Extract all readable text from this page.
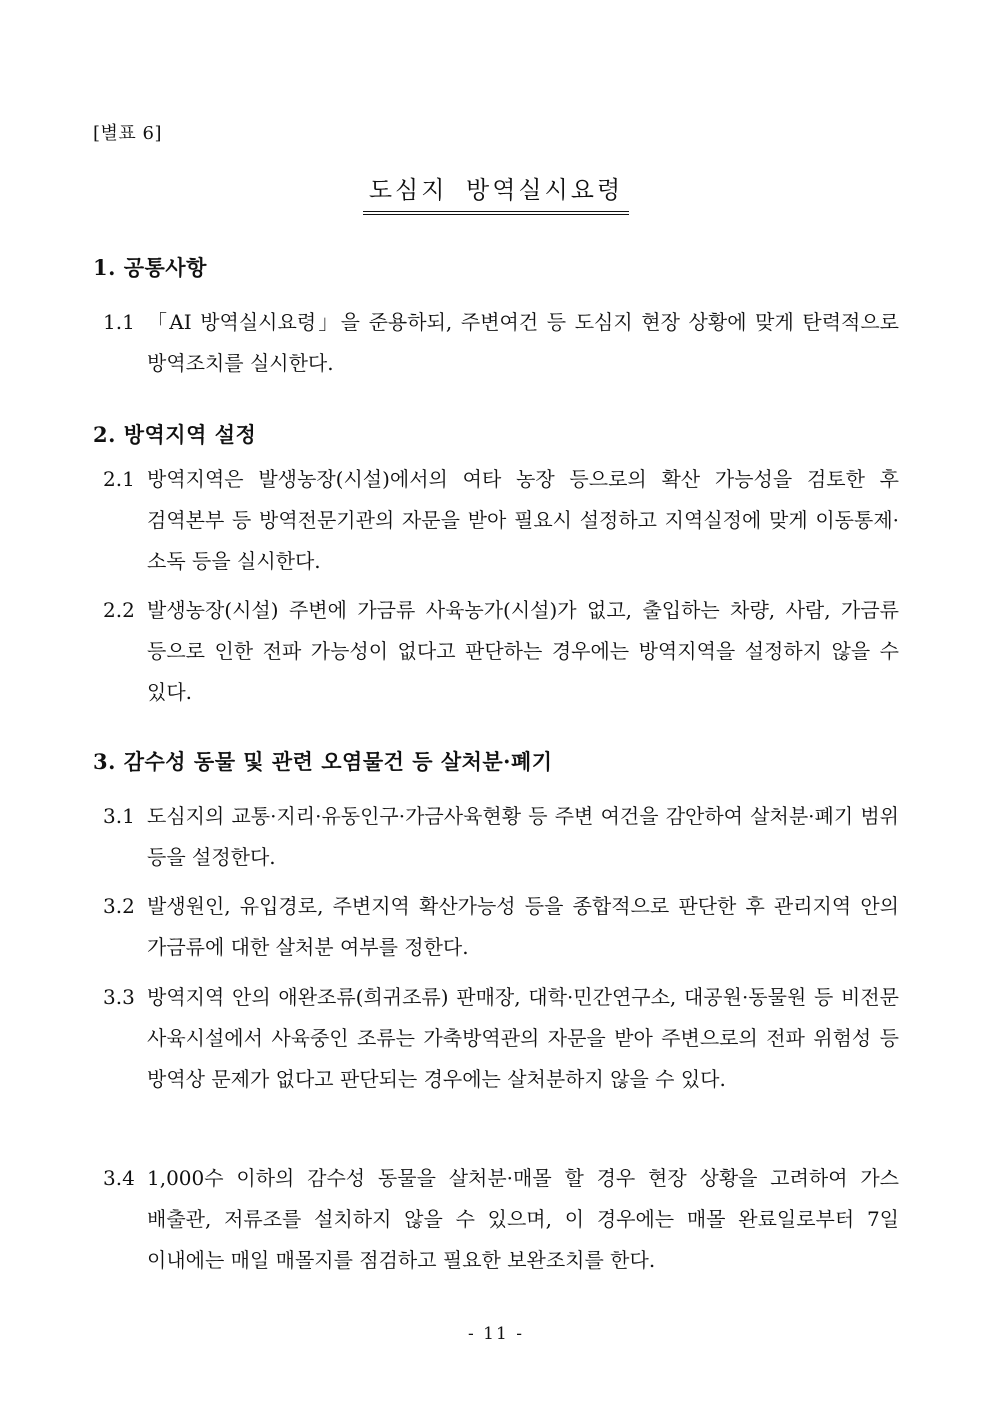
[별표 6]
도심지 방역실시요령
1. 공통사항
1.1 「AI 방역실시요령」을 준용하되, 주변여건 등 도심지 현장 상황에 맞게 탄력적으로 방역조치를 실시한다.
2. 방역지역 설정
2.1 방역지역은 발생농장(시설)에서의 여타 농장 등으로의 확산 가능성을 검토한 후 검역본부 등 방역전문기관의 자문을 받아 필요시 설정하고 지역실정에 맞게 이동통제·소독 등을 실시한다.
2.2 발생농장(시설) 주변에 가금류 사육농가(시설)가 없고, 출입하는 차량, 사람, 가금류 등으로 인한 전파 가능성이 없다고 판단하는 경우에는 방역지역을 설정하지 않을 수 있다.
3. 감수성 동물 및 관련 오염물건 등 살처분·폐기
3.1 도심지의 교통·지리·유동인구·가금사육현황 등 주변 여건을 감안하여 살처분·폐기 범위 등을 설정한다.
3.2 발생원인, 유입경로, 주변지역 확산가능성 등을 종합적으로 판단한 후 관리지역 안의 가금류에 대한 살처분 여부를 정한다.
3.3 방역지역 안의 애완조류(희귀조류) 판매장, 대학·민간연구소, 대공원·동물원 등 비전문 사육시설에서 사육중인 조류는 가축방역관의 자문을 받아 주변으로의 전파 위험성 등 방역상 문제가 없다고 판단되는 경우에는 살처분하지 않을 수 있다.
3.4 1,000수 이하의 감수성 동물을 살처분·매몰 할 경우 현장 상황을 고려하여 가스 배출관, 저류조를 설치하지 않을 수 있으며, 이 경우에는 매몰 완료일로부터 7일 이내에는 매일 매몰지를 점검하고 필요한 보완조치를 한다.
- 11 -
